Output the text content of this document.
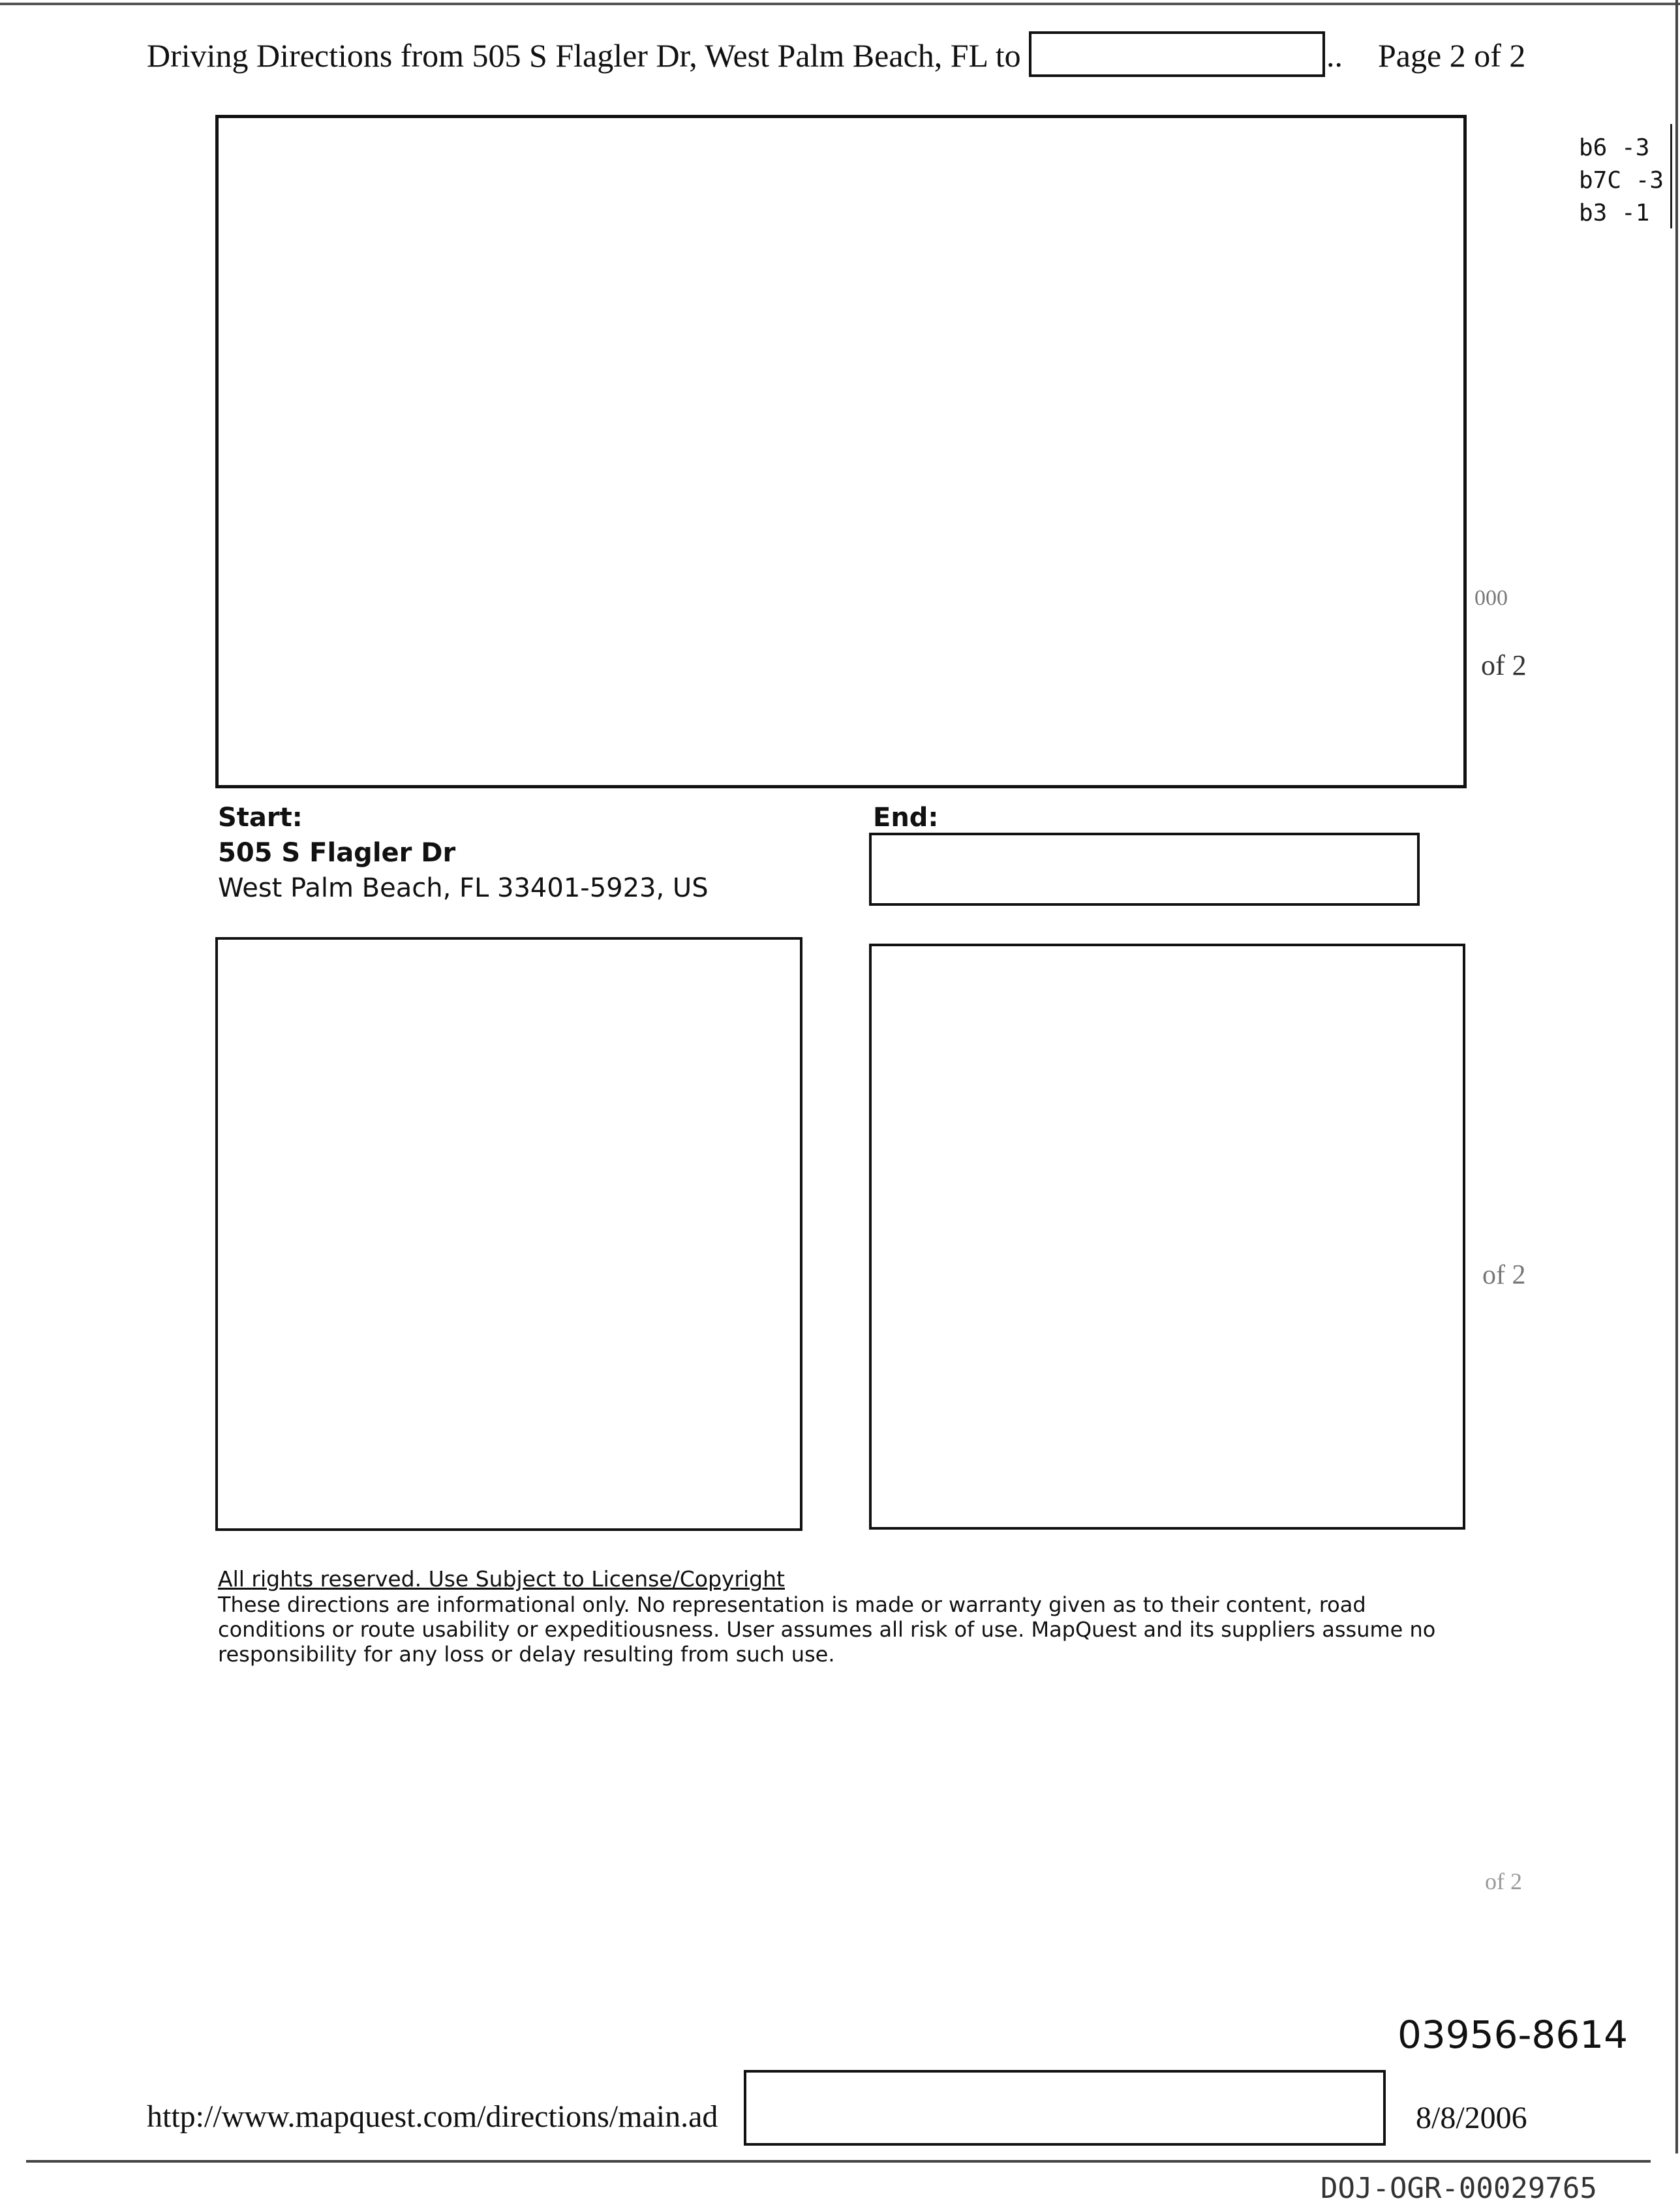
Driving Directions from 505 S Flagler Dr, West Palm Beach, FL to	.. Page 2 of 2
b6 -3
b7C -3
b3 -1
000
of 2
of 2
of 2
Start:
505 S Flagler Dr
West Palm Beach, FL 33401-5923, US
End:
All rights reserved. Use Subject to License/Copyright
These directions are informational only. No representation is made or warranty given as to their content, road conditions or route usability or expeditiousness. User assumes all risk of use. MapQuest and its suppliers assume no responsibility for any loss or delay resulting from such use.
03956-8614
http://www.mapquest.com/directions/main.ad	8/8/2006
DOJ-OGR-00029765
